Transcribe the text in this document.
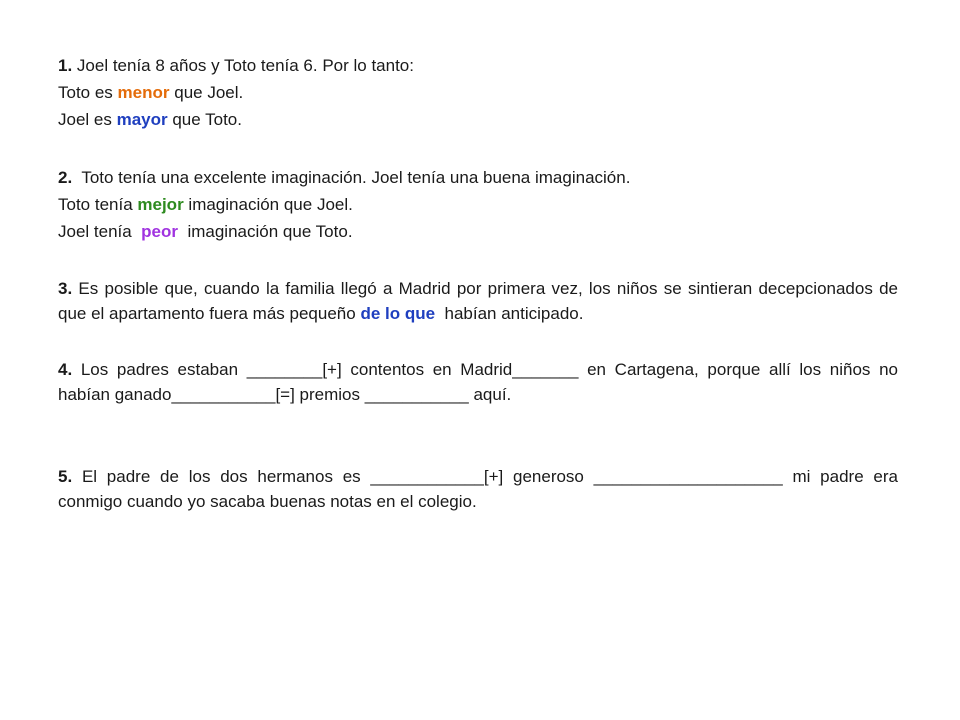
1. Joel tenía 8 años y Toto tenía 6. Por lo tanto:
Toto es menor que Joel.
Joel es mayor que Toto.
2.  Toto tenía una excelente imaginación. Joel tenía una buena imaginación.
Toto tenía mejor imaginación que Joel.
Joel tenía  peor  imaginación que Toto.
3. Es posible que, cuando la familia llegó a Madrid por primera vez, los niños se sintieran decepcionados de que el apartamento fuera más pequeño de lo que  habían anticipado.
4. Los padres estaban ________[+] contentos en Madrid_______ en Cartagena, porque allí los niños no habían ganado___________[=] premios ___________ aquí.
5. El padre de los dos hermanos es ____________[+] generoso ____________________ mi padre era conmigo cuando yo sacaba buenas notas en el colegio.
